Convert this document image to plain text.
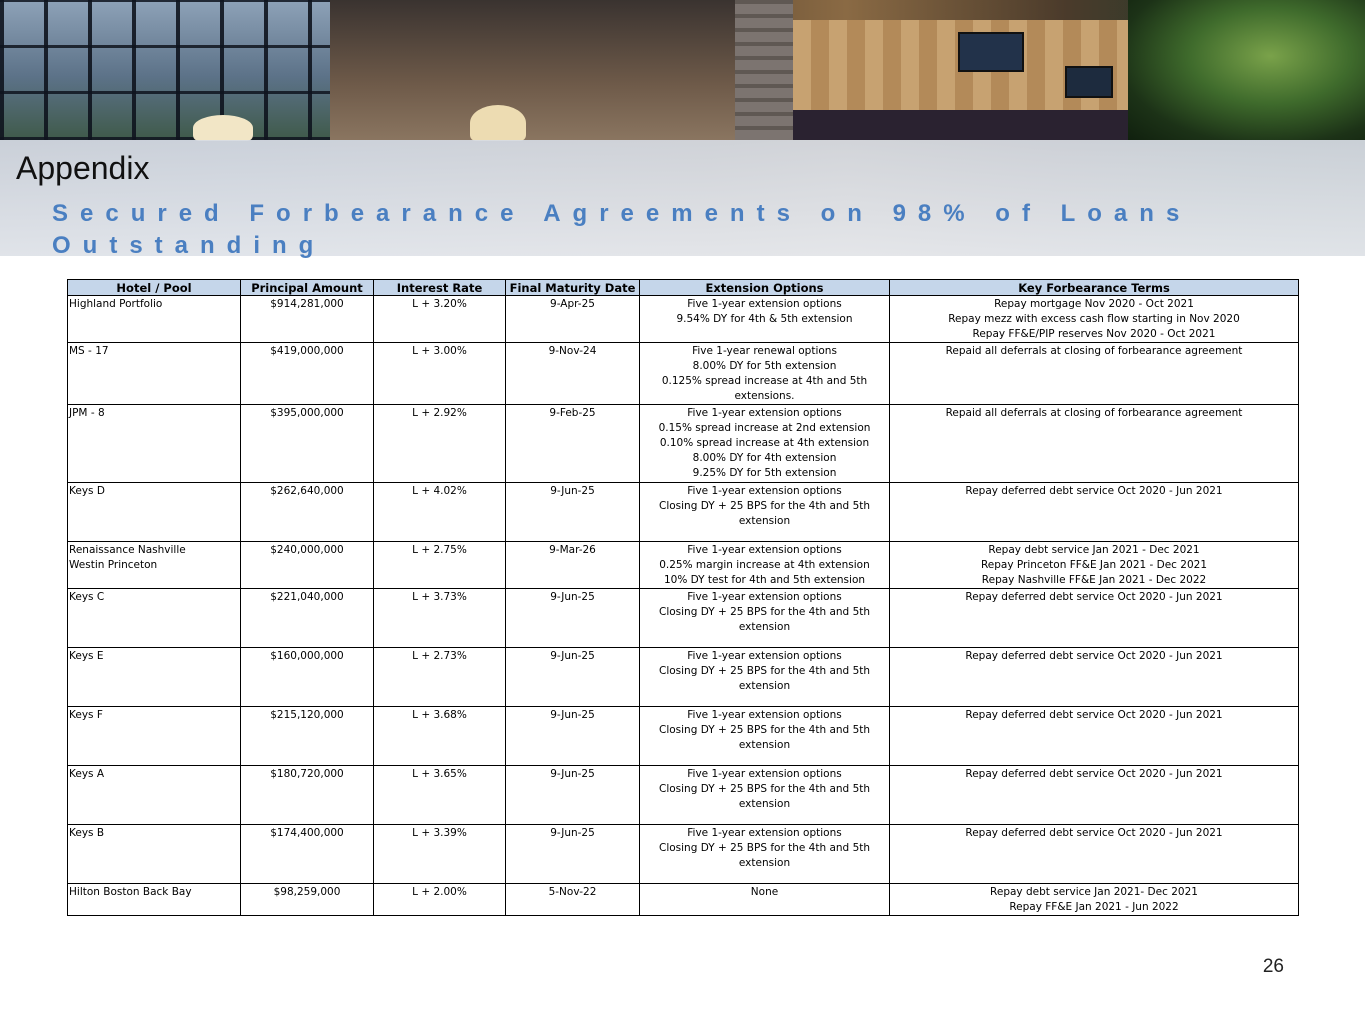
Appendix
Secured Forbearance Agreements on 98% of Loans Outstanding
Hotel / Pool	Principal Amount	Interest Rate	Final Maturity Date	Extension Options	Key Forbearance Terms

Highland Portfolio	$914,281,000	L + 3.20%	9-Apr-25	Five 1-year extension options
9.54% DY for 4th & 5th extension	Repay mortgage Nov 2020 - Oct 2021
Repay mezz with excess cash flow starting in Nov 2020
Repay FF&E/PIP reserves Nov 2020 - Oct 2021

MS - 17	$419,000,000	L + 3.00%	9-Nov-24	Five 1-year renewal options
8.00% DY for 5th extension
0.125% spread increase at 4th and 5th
extensions.	Repaid all deferrals at closing of forbearance agreement

JPM - 8	$395,000,000	L + 2.92%	9-Feb-25	Five 1-year extension options
0.15% spread increase at 2nd extension
0.10% spread increase at 4th extension
8.00% DY for 4th extension
9.25% DY for 5th extension	Repaid all deferrals at closing of forbearance agreement

Keys D	$262,640,000	L + 4.02%	9-Jun-25	Five 1-year extension options
Closing DY + 25 BPS for the 4th and 5th
extension	Repay deferred debt service Oct 2020 - Jun 2021

Renaissance Nashville
Westin Princeton	$240,000,000	L + 2.75%	9-Mar-26	Five 1-year extension options
0.25% margin increase at 4th extension
10% DY test for 4th and 5th extension	Repay debt service Jan 2021 - Dec 2021
Repay Princeton FF&E Jan 2021 - Dec 2021
Repay Nashville FF&E Jan 2021 - Dec 2022

Keys C	$221,040,000	L + 3.73%	9-Jun-25	Five 1-year extension options
Closing DY + 25 BPS for the 4th and 5th
extension	Repay deferred debt service Oct 2020 - Jun 2021

Keys E	$160,000,000	L + 2.73%	9-Jun-25	Five 1-year extension options
Closing DY + 25 BPS for the 4th and 5th
extension	Repay deferred debt service Oct 2020 - Jun 2021

Keys F	$215,120,000	L + 3.68%	9-Jun-25	Five 1-year extension options
Closing DY + 25 BPS for the 4th and 5th
extension	Repay deferred debt service Oct 2020 - Jun 2021

Keys A	$180,720,000	L + 3.65%	9-Jun-25	Five 1-year extension options
Closing DY + 25 BPS for the 4th and 5th
extension	Repay deferred debt service Oct 2020 - Jun 2021

Keys B	$174,400,000	L + 3.39%	9-Jun-25	Five 1-year extension options
Closing DY + 25 BPS for the 4th and 5th
extension	Repay deferred debt service Oct 2020 - Jun 2021

Hilton Boston Back Bay	$98,259,000	L + 2.00%	5-Nov-22	None	Repay debt service Jan 2021- Dec 2021
Repay FF&E Jan 2021 - Jun 2022
26
